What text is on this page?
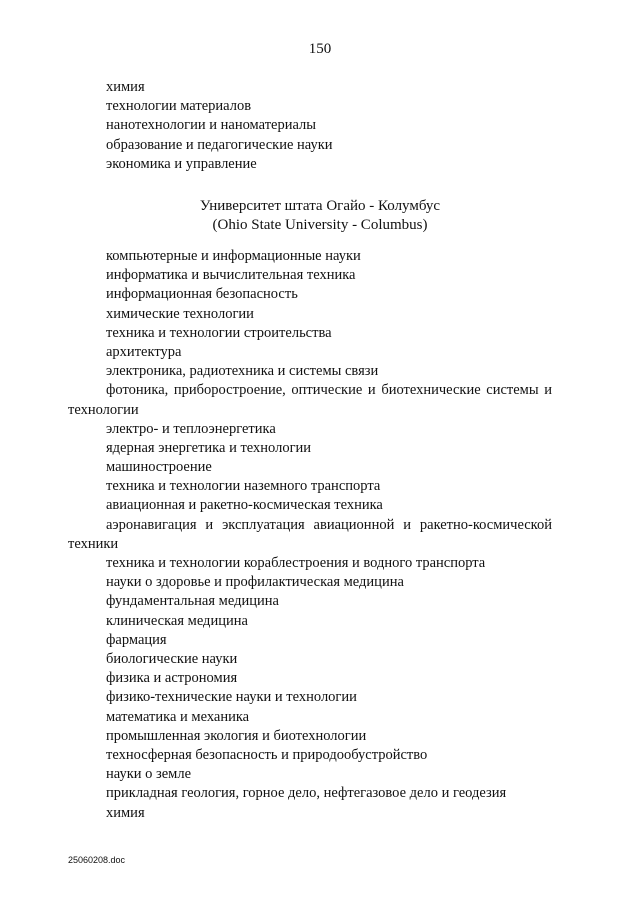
150
химия
технологии материалов
нанотехнологии и наноматериалы
образование и педагогические науки
экономика и управление
Университет штата Огайо - Колумбус
(Ohio State University - Columbus)
компьютерные и информационные науки
информатика и вычислительная техника
информационная безопасность
химические технологии
техника и технологии строительства
архитектура
электроника, радиотехника и системы связи
фотоника, приборостроение, оптические и биотехнические системы и технологии
электро- и теплоэнергетика
ядерная энергетика и технологии
машиностроение
техника и технологии наземного транспорта
авиационная и ракетно-космическая техника
аэронавигация и эксплуатация авиационной и ракетно-космической техники
техника и технологии кораблестроения и водного транспорта
науки о здоровье и профилактическая медицина
фундаментальная медицина
клиническая медицина
фармация
биологические науки
физика и астрономия
физико-технические науки и технологии
математика и механика
промышленная экология и биотехнологии
техносферная безопасность и природообустройство
науки о земле
прикладная геология, горное дело, нефтегазовое дело и геодезия
химия
25060208.doc
